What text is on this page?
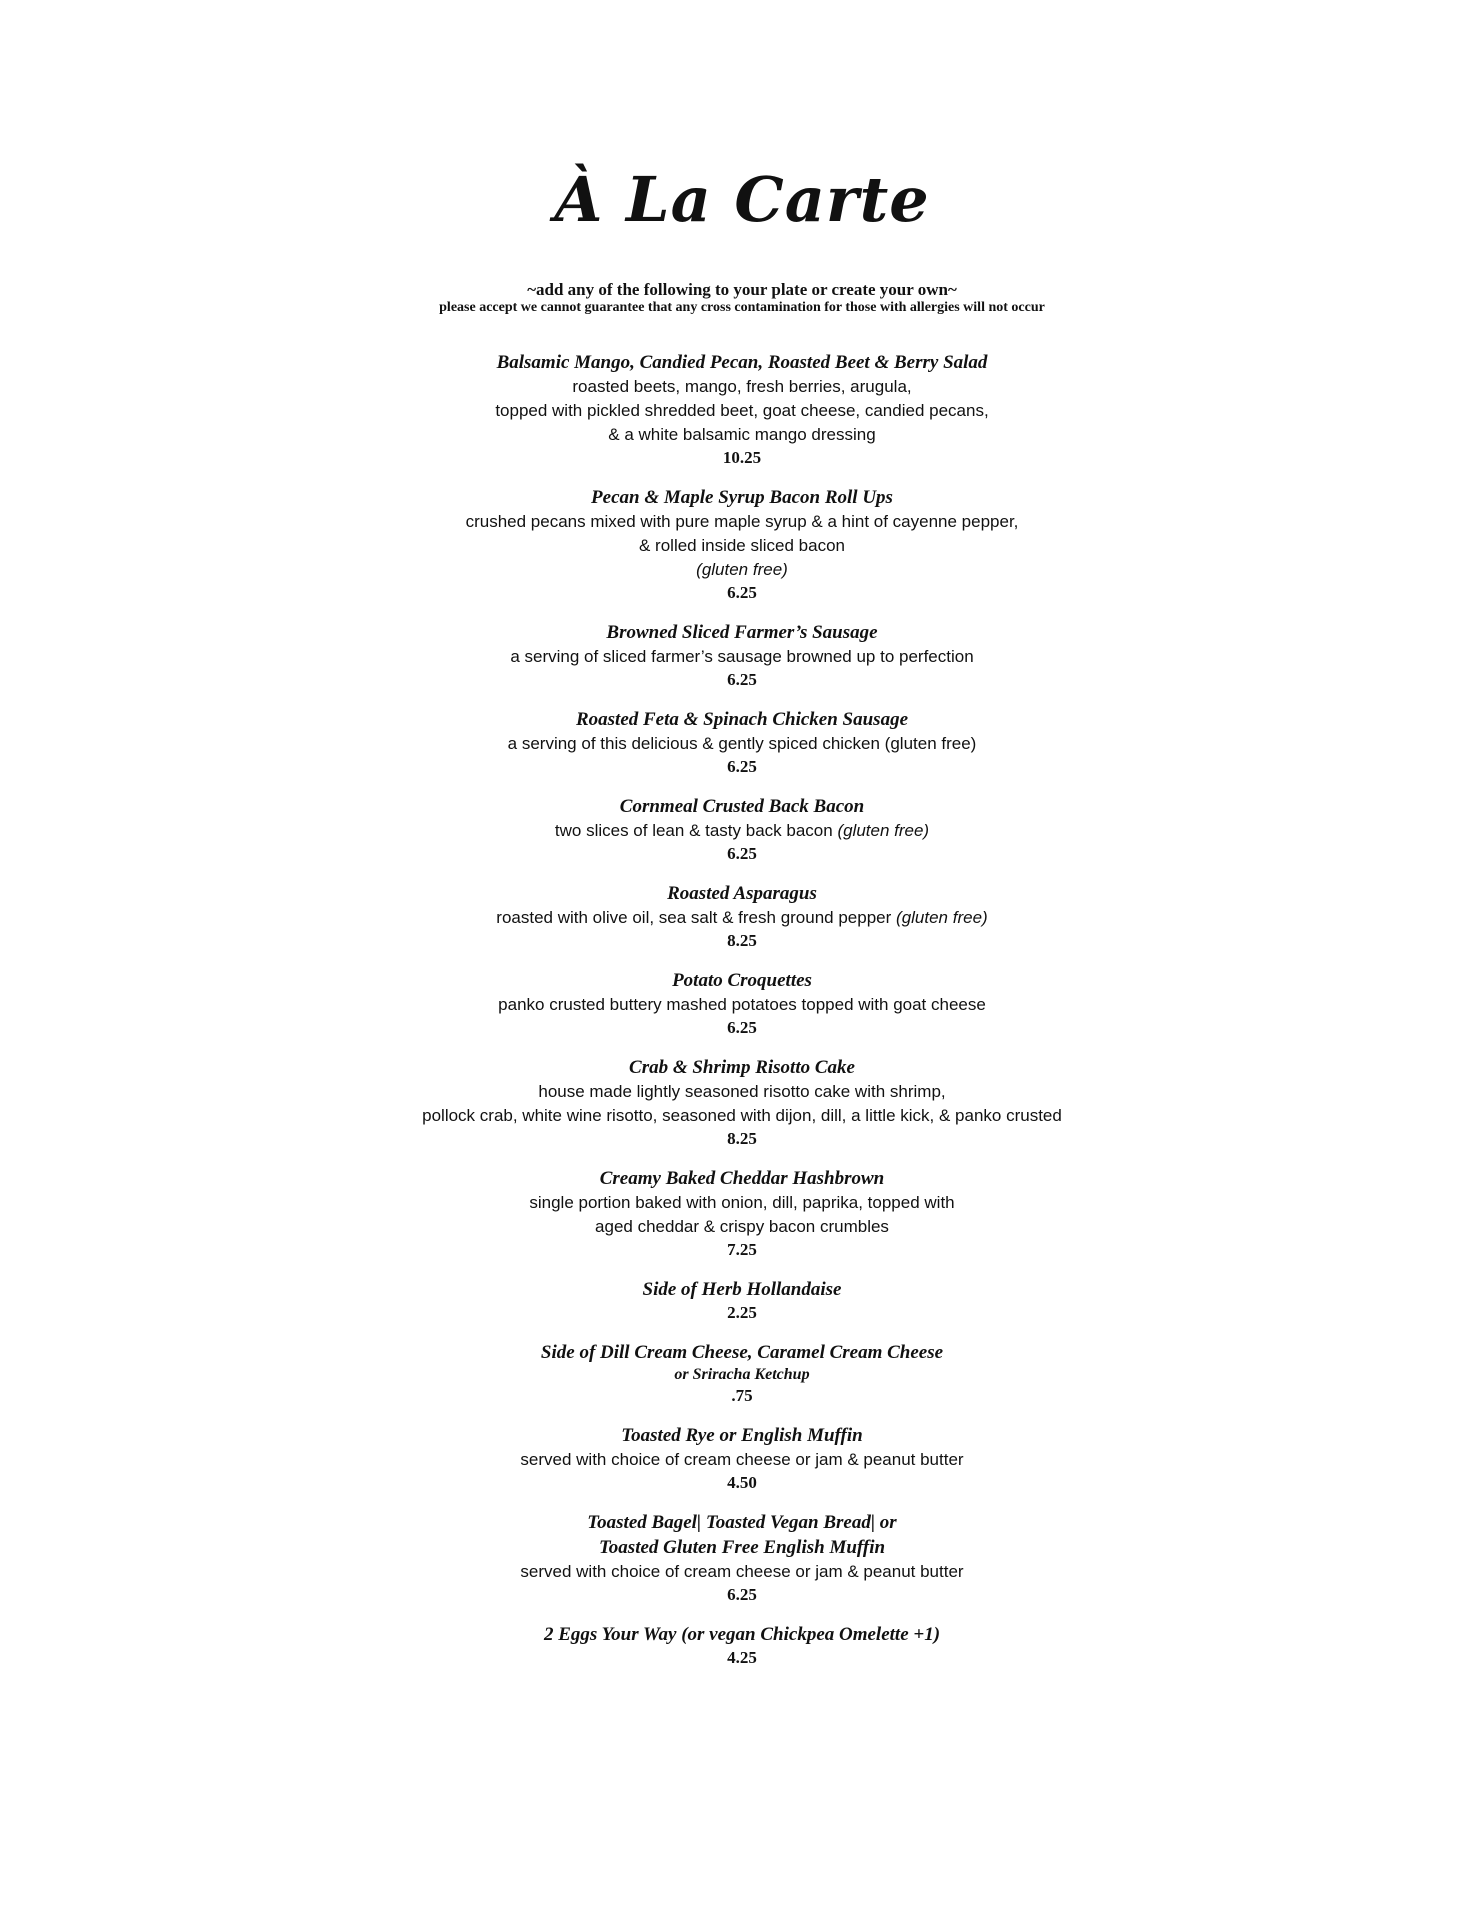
À La Carte
~add any of the following to your plate or create your own~
please accept we cannot guarantee that any cross contamination for those with allergies will not occur
Balsamic Mango, Candied Pecan, Roasted Beet & Berry Salad
roasted beets, mango, fresh berries, arugula,
topped with pickled shredded beet, goat cheese, candied pecans,
& a white balsamic mango dressing
10.25
Pecan & Maple Syrup Bacon Roll Ups
crushed pecans mixed with pure maple syrup & a hint of cayenne pepper,
& rolled inside sliced bacon
(gluten free)
6.25
Browned Sliced Farmer’s Sausage
a serving of sliced farmer’s sausage browned up to perfection
6.25
Roasted Feta & Spinach Chicken Sausage
a serving of this delicious & gently spiced chicken (gluten free)
6.25
Cornmeal Crusted Back Bacon
two slices of lean & tasty back bacon (gluten free)
6.25
Roasted Asparagus
roasted with olive oil, sea salt & fresh ground pepper (gluten free)
8.25
Potato Croquettes
panko crusted buttery mashed potatoes topped with goat cheese
6.25
Crab & Shrimp Risotto Cake
house made lightly seasoned risotto cake with shrimp,
pollock crab, white wine risotto, seasoned with dijon, dill, a little kick, & panko crusted
8.25
Creamy Baked Cheddar Hashbrown
single portion baked with onion, dill, paprika, topped with
aged cheddar & crispy bacon crumbles
7.25
Side of Herb Hollandaise
2.25
Side of Dill Cream Cheese, Caramel Cream Cheese
or Sriracha Ketchup
.75
Toasted Rye or English Muffin
served with choice of cream cheese or jam & peanut butter
4.50
Toasted Bagel| Toasted Vegan Bread| or
Toasted Gluten Free English Muffin
served with choice of cream cheese or jam & peanut butter
6.25
2 Eggs Your Way (or vegan Chickpea Omelette +1)
4.25
